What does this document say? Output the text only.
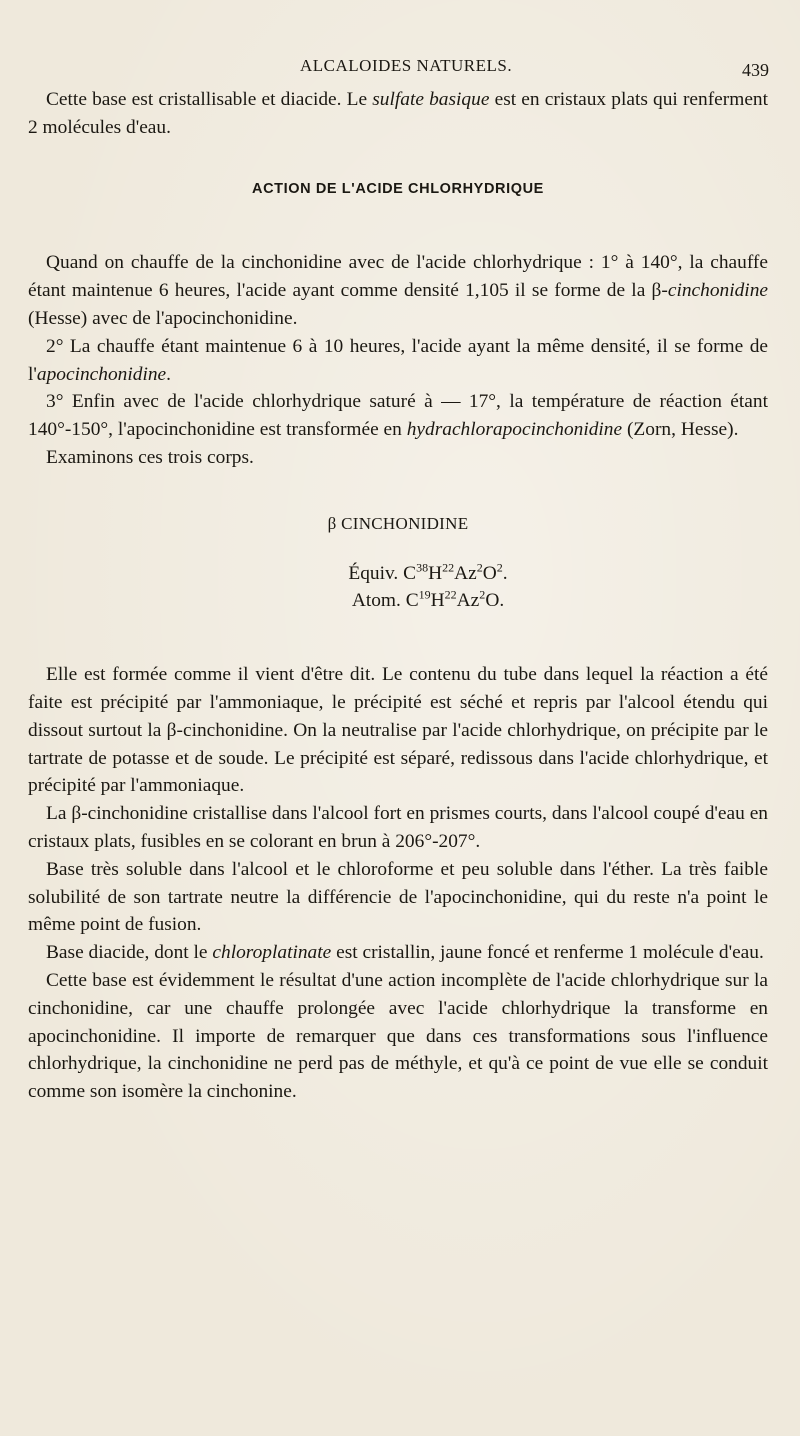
ALCALOIDES NATURELS.	439

Cette base est cristallisable et diacide. Le sulfate basique est en cristaux plats qui renferment 2 molécules d'eau.

ACTION DE L'ACIDE CHLORHYDRIQUE

Quand on chauffe de la cinchonidine avec de l'acide chlorhydrique : 1° à 140°, la chauffe étant maintenue 6 heures, l'acide ayant comme densité 1,105 il se forme de la β-cinchonidine (Hesse) avec de l'apocinchonidine.

2° La chauffe étant maintenue 6 à 10 heures, l'acide ayant la même densité, il se forme de l'apocinchonidine.

3° Enfin avec de l'acide chlorhydrique saturé à — 17°, la température de réaction étant 140°-150°, l'apocinchonidine est transformée en hydrachlorapocinchonidine (Zorn, Hesse).

Examinons ces trois corps.

β CINCHONIDINE
Équiv. $C^{38}H^{22}Az^2O^2$.
Atom. $C^{19}H^{22}Az^2O$.

Elle est formée comme il vient d'être dit. Le contenu du tube dans lequel la réaction a été faite est précipité par l'ammoniaque, le précipité est séché et repris par l'alcool étendu qui dissout surtout la β-cinchonidine. On la neutralise par l'acide chlorhydrique, on précipite par le tartrate de potasse et de soude. Le précipité est séparé, redissous dans l'acide chlorhydrique, et précipité par l'ammoniaque.

La β-cinchonidine cristallise dans l'alcool fort en prismes courts, dans l'alcool coupé d'eau en cristaux plats, fusibles en se colorant en brun à 206°-207°.

Base très soluble dans l'alcool et le chloroforme et peu soluble dans l'éther. La très faible solubilité de son tartrate neutre la différencie de l'apocinchonidine, qui du reste n'a point le même point de fusion.

Base diacide, dont le chloroplatinate est cristallin, jaune foncé et renferme 1 molécule d'eau.

Cette base est évidemment le résultat d'une action incomplète de l'acide chlorhydrique sur la cinchonidine, car une chauffe prolongée avec l'acide chlorhydrique la transforme en apocinchonidine. Il importe de remarquer que dans ces transformations sous l'influence chlorhydrique, la cinchonidine ne perd pas de méthyle, et qu'à ce point de vue elle se conduit comme son isomère la cinchonine.
